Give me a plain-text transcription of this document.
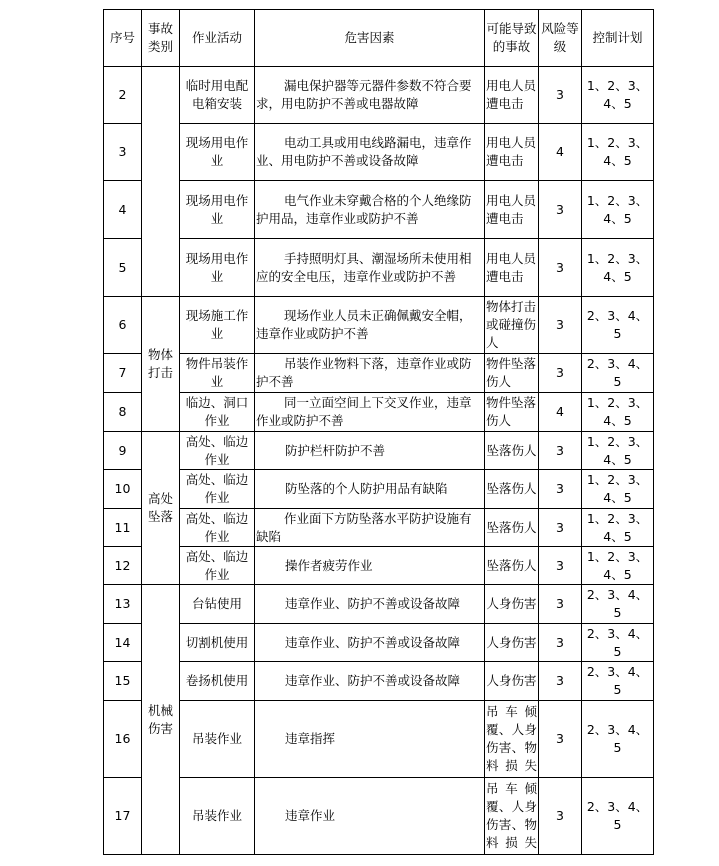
序号	事故类别	作业活动	危害因素	可能导致的事故	风险等级	控制计划
2		临时用电配电箱安装	漏电保护器等元器件参数不符合要求，用电防护不善或电器故障	用电人员遭电击	3	1、2、3、4、5
3		现场用电作业	电动工具或用电线路漏电，违章作业、用电防护不善或设备故障	用电人员遭电击	4	1、2、3、4、5
4		现场用电作业	电气作业未穿戴合格的个人绝缘防护用品，违章作业或防护不善	用电人员遭电击	3	1、2、3、4、5
5		现场用电作业	手持照明灯具、潮湿场所未使用相应的安全电压，违章作业或防护不善	用电人员遭电击	3	1、2、3、4、5
6	物体打击	现场施工作业	现场作业人员未正确佩戴安全帽，违章作业或防护不善	物体打击或碰撞伤人	3	2、3、4、5
7		物件吊装作业	吊装作业物料下落，违章作业或防护不善	物件坠落伤人	3	2、3、4、5
8		临边、洞口作业	同一立面空间上下交叉作业，违章作业或防护不善	物件坠落伤人	4	1、2、3、4、5
9	高处坠落	高处、临边作业	防护栏杆防护不善	坠落伤人	3	1、2、3、4、5
10		高处、临边作业	防坠落的个人防护用品有缺陷	坠落伤人	3	1、2、3、4、5
11		高处、临边作业	作业面下方防坠落水平防护设施有缺陷	坠落伤人	3	1、2、3、4、5
12		高处、临边作业	操作者疲劳作业	坠落伤人	3	1、2、3、4、5
13	机械伤害	台钻使用	违章作业、防护不善或设备故障	人身伤害	3	2、3、4、5
14		切割机使用	违章作业、防护不善或设备故障	人身伤害	3	2、3、4、5
15		卷扬机使用	违章作业、防护不善或设备故障	人身伤害	3	2、3、4、5
16		吊装作业	违章指挥	吊车倾覆、人身伤害、物料损失	3	2、3、4、5
17		吊装作业	违章作业	吊车倾覆、人身伤害、物料损失	3	2、3、4、5
